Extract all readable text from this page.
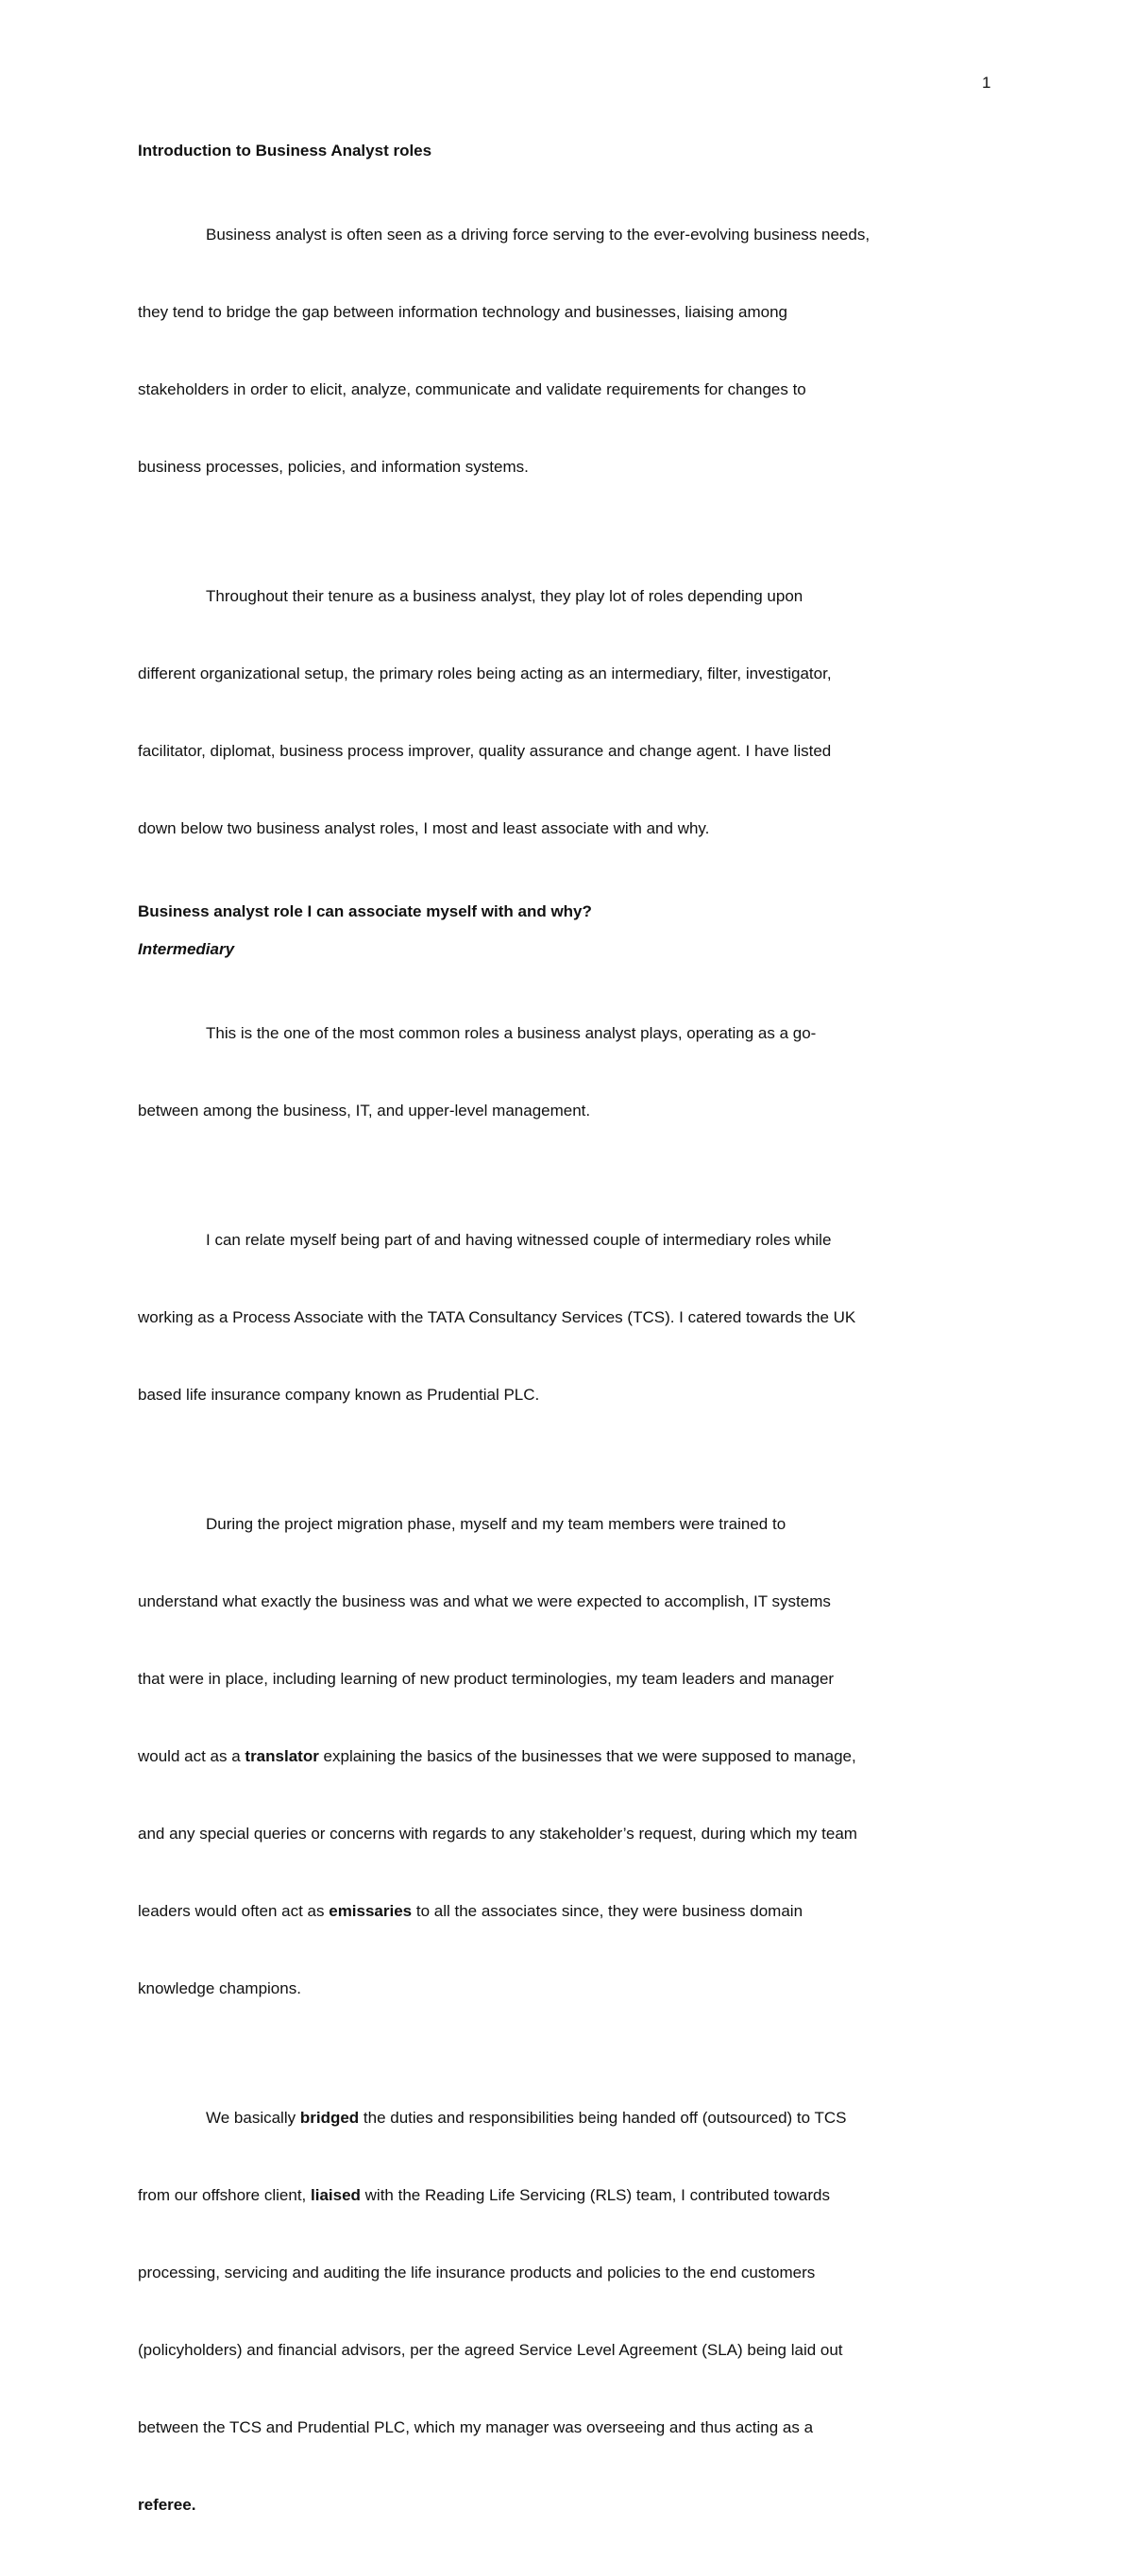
1
Introduction to Business Analyst roles

Business analyst is often seen as a driving force serving to the ever-evolving business needs,

they tend to bridge the gap between information technology and businesses, liaising among

stakeholders in order to elicit, analyze, communicate and validate requirements for changes to

business processes, policies, and information systems.

Throughout their tenure as a business analyst, they play lot of roles depending upon

different organizational setup, the primary roles being acting as an intermediary, filter, investigator,

facilitator, diplomat, business process improver, quality assurance and change agent. I have listed

down below two business analyst roles, I most and least associate with and why.

Business analyst role I can associate myself with and why?
Intermediary

This is the one of the most common roles a business analyst plays, operating as a go-

between among the business, IT, and upper-level management.

I can relate myself being part of and having witnessed couple of intermediary roles while

working as a Process Associate with the TATA Consultancy Services (TCS). I catered towards the UK

based life insurance company known as Prudential PLC.

During the project migration phase, myself and my team members were trained to

understand what exactly the business was and what we were expected to accomplish, IT systems

that were in place, including learning of new product terminologies, my team leaders and manager

would act as a translator explaining the basics of the businesses that we were supposed to manage,

and any special queries or concerns with regards to any stakeholder’s request, during which my team

leaders would often act as emissaries to all the associates since, they were business domain

knowledge champions.

We basically bridged the duties and responsibilities being handed off (outsourced) to TCS

from our offshore client, liaised with the Reading Life Servicing (RLS) team, I contributed towards

processing, servicing and auditing the life insurance products and policies to the end customers

(policyholders) and financial advisors, per the agreed Service Level Agreement (SLA) being laid out

between the TCS and Prudential PLC, which my manager was overseeing and thus acting as a

referee.
